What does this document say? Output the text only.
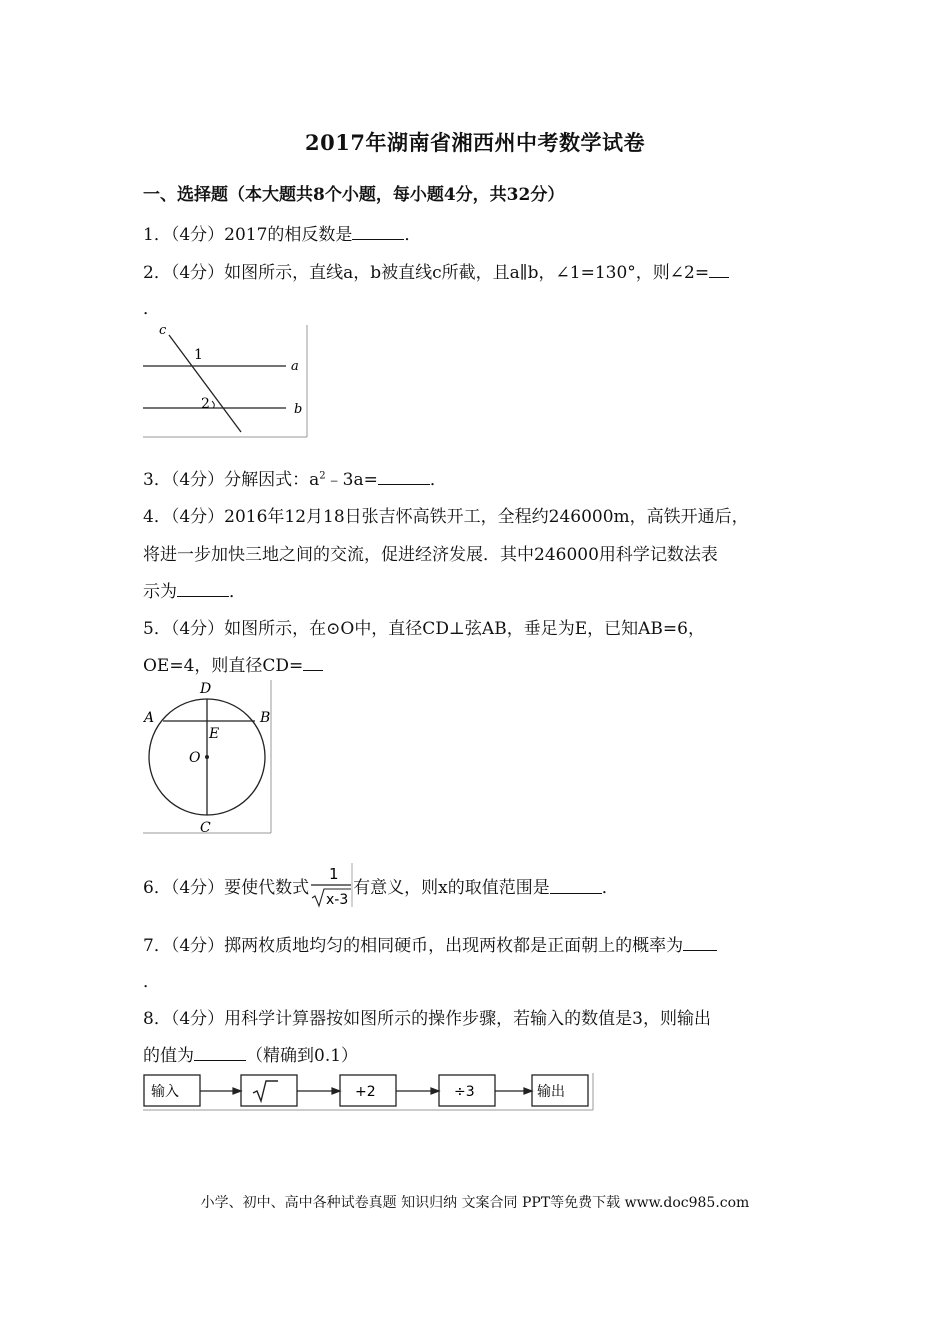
2017年湖南省湘西州中考数学试卷
一、选择题（本大题共8个小题，每小题4分，共32分）
1．（4分）2017的相反数是	．
2．（4分）如图所示，直线a，b被直线c所截，且a∥b，∠1=130°，则∠2=
．
c
1
2
a
b
3．（4分）分解因式：$a^2﹣3a=$	．
4．（4分）2016年12月18日张吉怀高铁开工，全程约246000m，高铁开通后，
将进一步加快三地之间的交流，促进经济发展．其中246000用科学记数法表
示为	．
5．（4分）如图所示，在⊙O中，直径CD⊥弦AB，垂足为E，已知AB=6，
OE=4，则直径CD=
D
A	B
E
O
C
6．（4分）要使代数式
1
x-3
有意义，则x的取值范围是	．
7．（4分）掷两枚质地均匀的相同硬币，出现两枚都是正面朝上的概率为
．
8．（4分）用科学计算器按如图所示的操作步骤，若输入的数值是3，则输出
的值为	（精确到0.1）
输入	+2	÷3	输出
小学、初中、高中各种试卷真题 知识归纳 文案合同 PPT等免费下载 www.doc985.com
